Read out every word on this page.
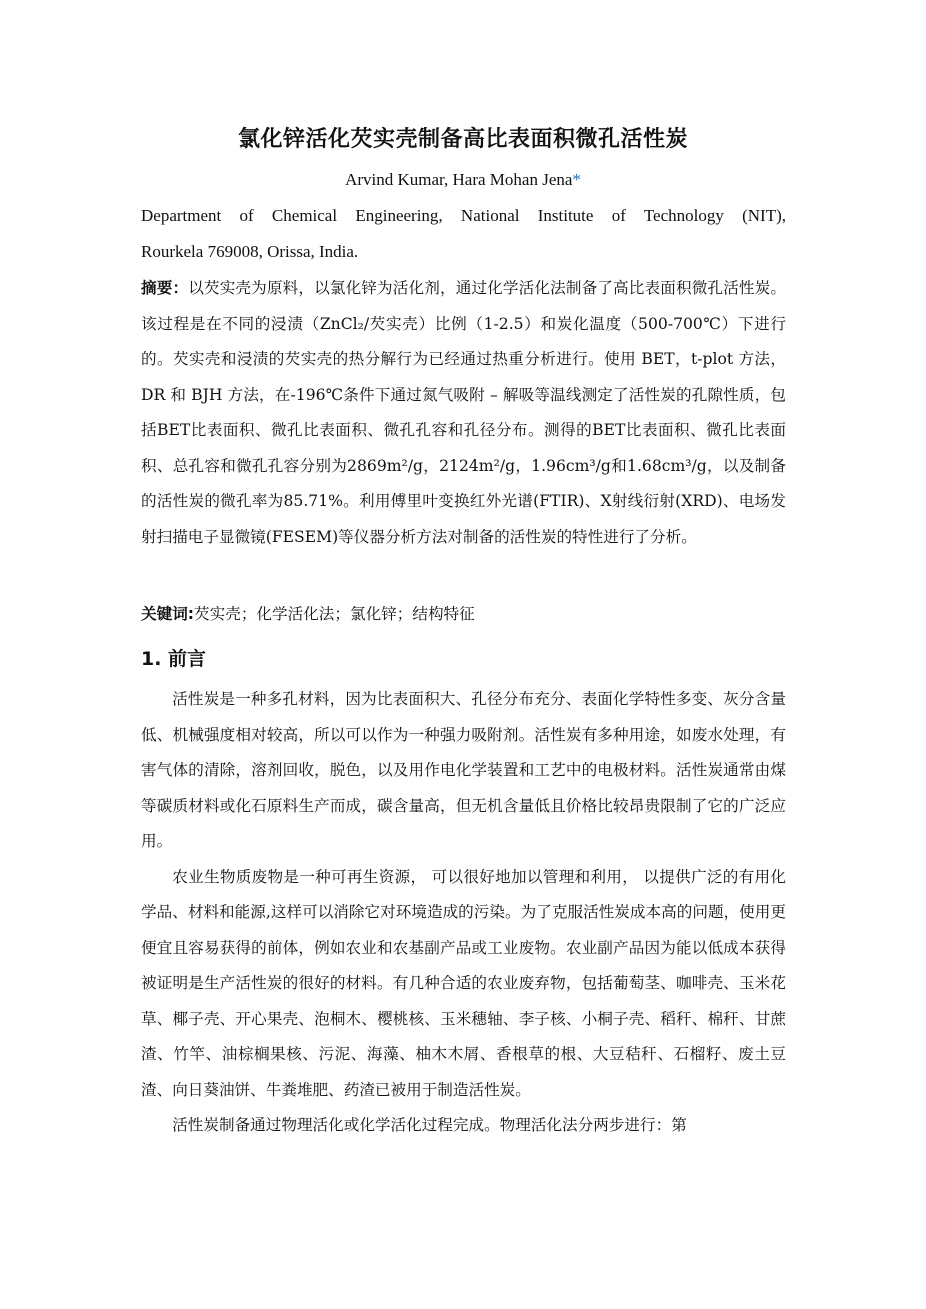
氯化锌活化芡实壳制备高比表面积微孔活性炭
Arvind Kumar, Hara Mohan Jena*
Department of Chemical Engineering, National Institute of Technology (NIT),
Rourkela 769008, Orissa, India.
摘要：以芡实壳为原料，以氯化锌为活化剂，通过化学活化法制备了高比表面积微孔活性炭。该过程是在不同的浸渍（ZnCl₂/芡实壳）比例（1-2.5）和炭化温度（500-700℃）下进行的。芡实壳和浸渍的芡实壳的热分解行为已经通过热重分析进行。使用 BET，t-plot 方法，DR 和 BJH 方法，在-196℃条件下通过氮气吸附 – 解吸等温线测定了活性炭的孔隙性质，包括BET比表面积、微孔比表面积、微孔孔容和孔径分布。测得的BET比表面积、微孔比表面积、总孔容和微孔孔容分别为2869m²/g，2124m²/g，1.96cm³/g和1.68cm³/g，以及制备的活性炭的微孔率为85.71%。利用傅里叶变换红外光谱(FTIR)、X射线衍射(XRD)、电场发射扫描电子显微镜(FESEM)等仪器分析方法对制备的活性炭的特性进行了分析。
关键词:芡实壳；化学活化法；氯化锌；结构特征
1. 前言

活性炭是一种多孔材料，因为比表面积大、孔径分布充分、表面化学特性多变、灰分含量低、机械强度相对较高，所以可以作为一种强力吸附剂。活性炭有多种用途，如废水处理，有害气体的清除，溶剂回收，脱色，以及用作电化学装置和工艺中的电极材料。活性炭通常由煤等碳质材料或化石原料生产而成，碳含量高，但无机含量低且价格比较昂贵限制了它的广泛应用。

农业生物质废物是一种可再生资源， 可以很好地加以管理和利用， 以提供广泛的有用化学品、材料和能源,这样可以消除它对环境造成的污染。为了克服活性炭成本高的问题，使用更便宜且容易获得的前体，例如农业和农基副产品或工业废物。农业副产品因为能以低成本获得被证明是生产活性炭的很好的材料。有几种合适的农业废弃物，包括葡萄茎、咖啡壳、玉米花草、椰子壳、开心果壳、泡桐木、樱桃核、玉米穗轴、李子核、小桐子壳、稻秆、棉秆、甘蔗渣、竹竿、油棕榈果核、污泥、海藻、柚木木屑、香根草的根、大豆秸秆、石榴籽、废土豆渣、向日葵油饼、牛粪堆肥、药渣已被用于制造活性炭。

活性炭制备通过物理活化或化学活化过程完成。物理活化法分两步进行：第
